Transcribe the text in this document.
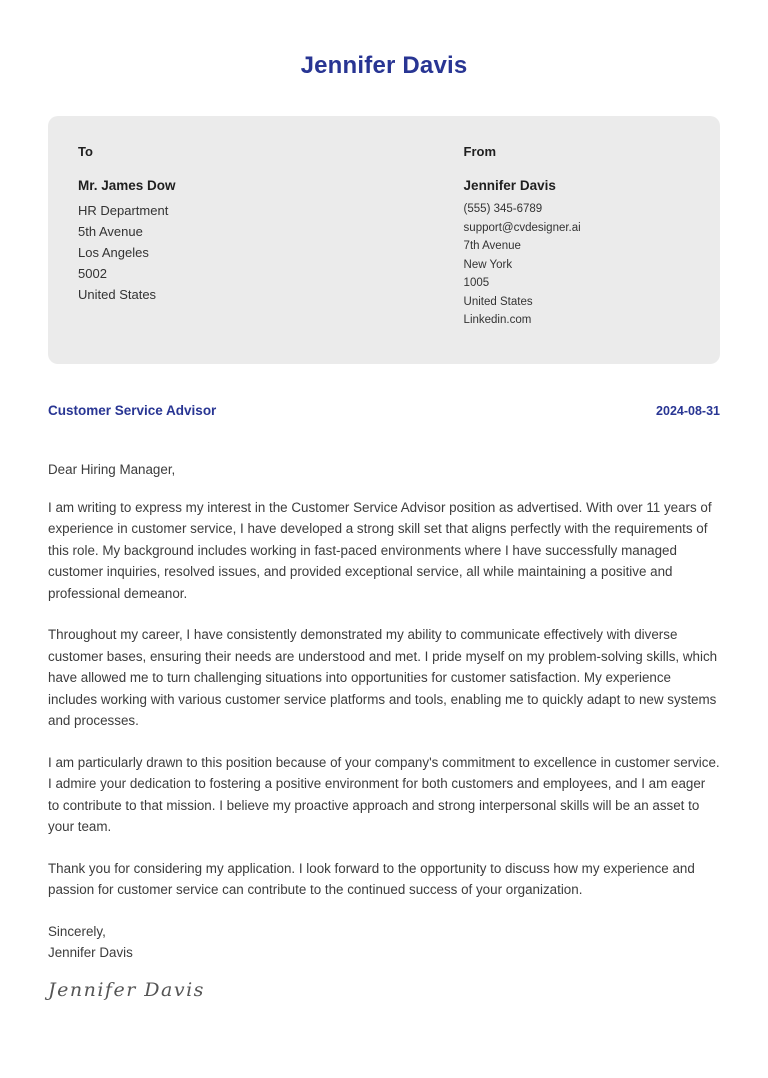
Jennifer Davis
To
Mr. James Dow
HR Department
5th Avenue
Los Angeles
5002
United States
From
Jennifer Davis
(555) 345-6789
support@cvdesigner.ai
7th Avenue
New York
1005
United States
Linkedin.com
Customer Service Advisor	2024-08-31
Dear Hiring Manager,
I am writing to express my interest in the Customer Service Advisor position as advertised. With over 11 years of experience in customer service, I have developed a strong skill set that aligns perfectly with the requirements of this role. My background includes working in fast-paced environments where I have successfully managed customer inquiries, resolved issues, and provided exceptional service, all while maintaining a positive and professional demeanor.
Throughout my career, I have consistently demonstrated my ability to communicate effectively with diverse customer bases, ensuring their needs are understood and met. I pride myself on my problem-solving skills, which have allowed me to turn challenging situations into opportunities for customer satisfaction. My experience includes working with various customer service platforms and tools, enabling me to quickly adapt to new systems and processes.
I am particularly drawn to this position because of your company's commitment to excellence in customer service. I admire your dedication to fostering a positive environment for both customers and employees, and I am eager to contribute to that mission. I believe my proactive approach and strong interpersonal skills will be an asset to your team.
Thank you for considering my application. I look forward to the opportunity to discuss how my experience and passion for customer service can contribute to the continued success of your organization.
Sincerely,
Jennifer Davis
Jennifer Davis
